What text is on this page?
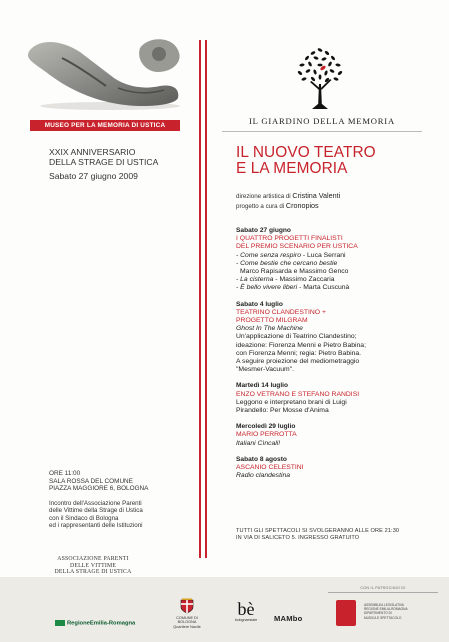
MUSEO PER LA MEMORIA DI USTICA
XXIX ANNIVERSARIO
DELLA STRAGE DI USTICA
Sabato 27 giugno 2009
ORE 11:00
SALA ROSSA DEL COMUNE
PIAZZA MAGGIORE 6, BOLOGNA
Incontro dell'Associazione Parenti
delle Vittime della Strage di Ustica
con il Sindaco di Bologna
ed i rappresentanti delle Istituzioni
ASSOCIAZIONE PARENTI
DELLE VITTIME
DELLA STRAGE DI USTICA
IL GIARDINO DELLA MEMORIA
IL NUOVO TEATRO
E LA MEMORIA
direzione artistica di Cristina Valenti
progetto a cura di Cronopios
Sabato 27 giugno
I QUATTRO PROGETTI FINALISTI
DEL PREMIO SCENARIO PER USTICA
- Come senza respiro - Luca Serrani
- Come bestie che cercano bestie
Marco Rapisarda e Massimo Genco
- La cisterna - Massimo Zaccaria
- È bello vivere liberi - Marta Cuscunà
Sabato 4 luglio
TEATRINO CLANDESTINO +
PROGETTO MILGRAM
Ghost In The Machine
Un'applicazione di Teatrino Clandestino;
ideazione: Fiorenza Menni e Pietro Babina;
con Fiorenza Menni; regia: Pietro Babina.
A seguire proiezione del mediometraggio
"Mesmer-Vacuum".
Martedì 14 luglio
ENZO VETRANO E STEFANO RANDISI
Leggono e interpretano brani di Luigi
Pirandello: Per Mosse d'Anima
Mercoledì 29 luglio
MARIO PERROTTA
Italiani Cìncali!
Sabato 8 agosto
ASCANIO CELESTINI
Radio clandestina
TUTTI GLI SPETTACOLI SI SVOLGERANNO ALLE ORE 21:30
IN VIA DI SALICETO 5. INGRESSO GRATUITO
RegioneEmilia-Romagna
COMUNE DI BOLOGNA
Quartiere Navile
bè
bolognaestate	MAMbo
CON IL PATROCINIO DI
ASSEMBLEA LEGISLATIVA
REGIONE EMILIA-ROMAGNA
DIPARTIMENTO DI
MUSICA E SPETTACOLO
